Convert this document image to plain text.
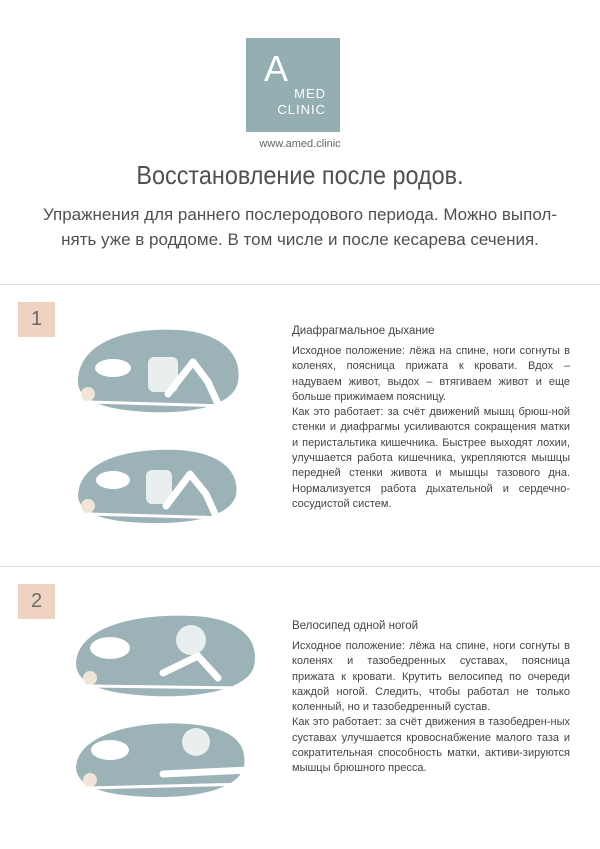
A
MED
CLINIC
www.amed.clinic
Восстановление после родов.
Упражнения для раннего послеродового периода. Можно выпол-нять уже в роддоме. В том числе и после кесарева сечения.
1
Диафрагмальное дыхание

Исходное положение: лёжа на спине, ноги согнуты в коленях, поясница прижата к кровати. Вдох – надуваем живот, выдох – втягиваем живот и еще больше прижимаем поясницу.

Как это работает: за счёт движений мышц брюш-ной стенки и диафрагмы усиливаются сокращения матки и перистальтика кишечника. Быстрее выходят лохии, улучшается работа кишечника, укрепляются мышцы передней стенки живота и мышцы тазового дна. Нормализуется работа дыхательной и сердечно-сосудистой систем.

2
Велосипед одной ногой

Исходное положение: лёжа на спине, ноги согнуты в коленях и тазобедренных суставах, поясница прижата к кровати. Крутить велосипед по очереди каждой ногой. Следить, чтобы работал не только коленный, но и тазобедренный сустав.

Как это работает: за счёт движения в тазобедрен-ных суставах улучшается кровоснабжение малого таза и сократительная способность матки, активи-зируются мышцы брюшного пресса.
